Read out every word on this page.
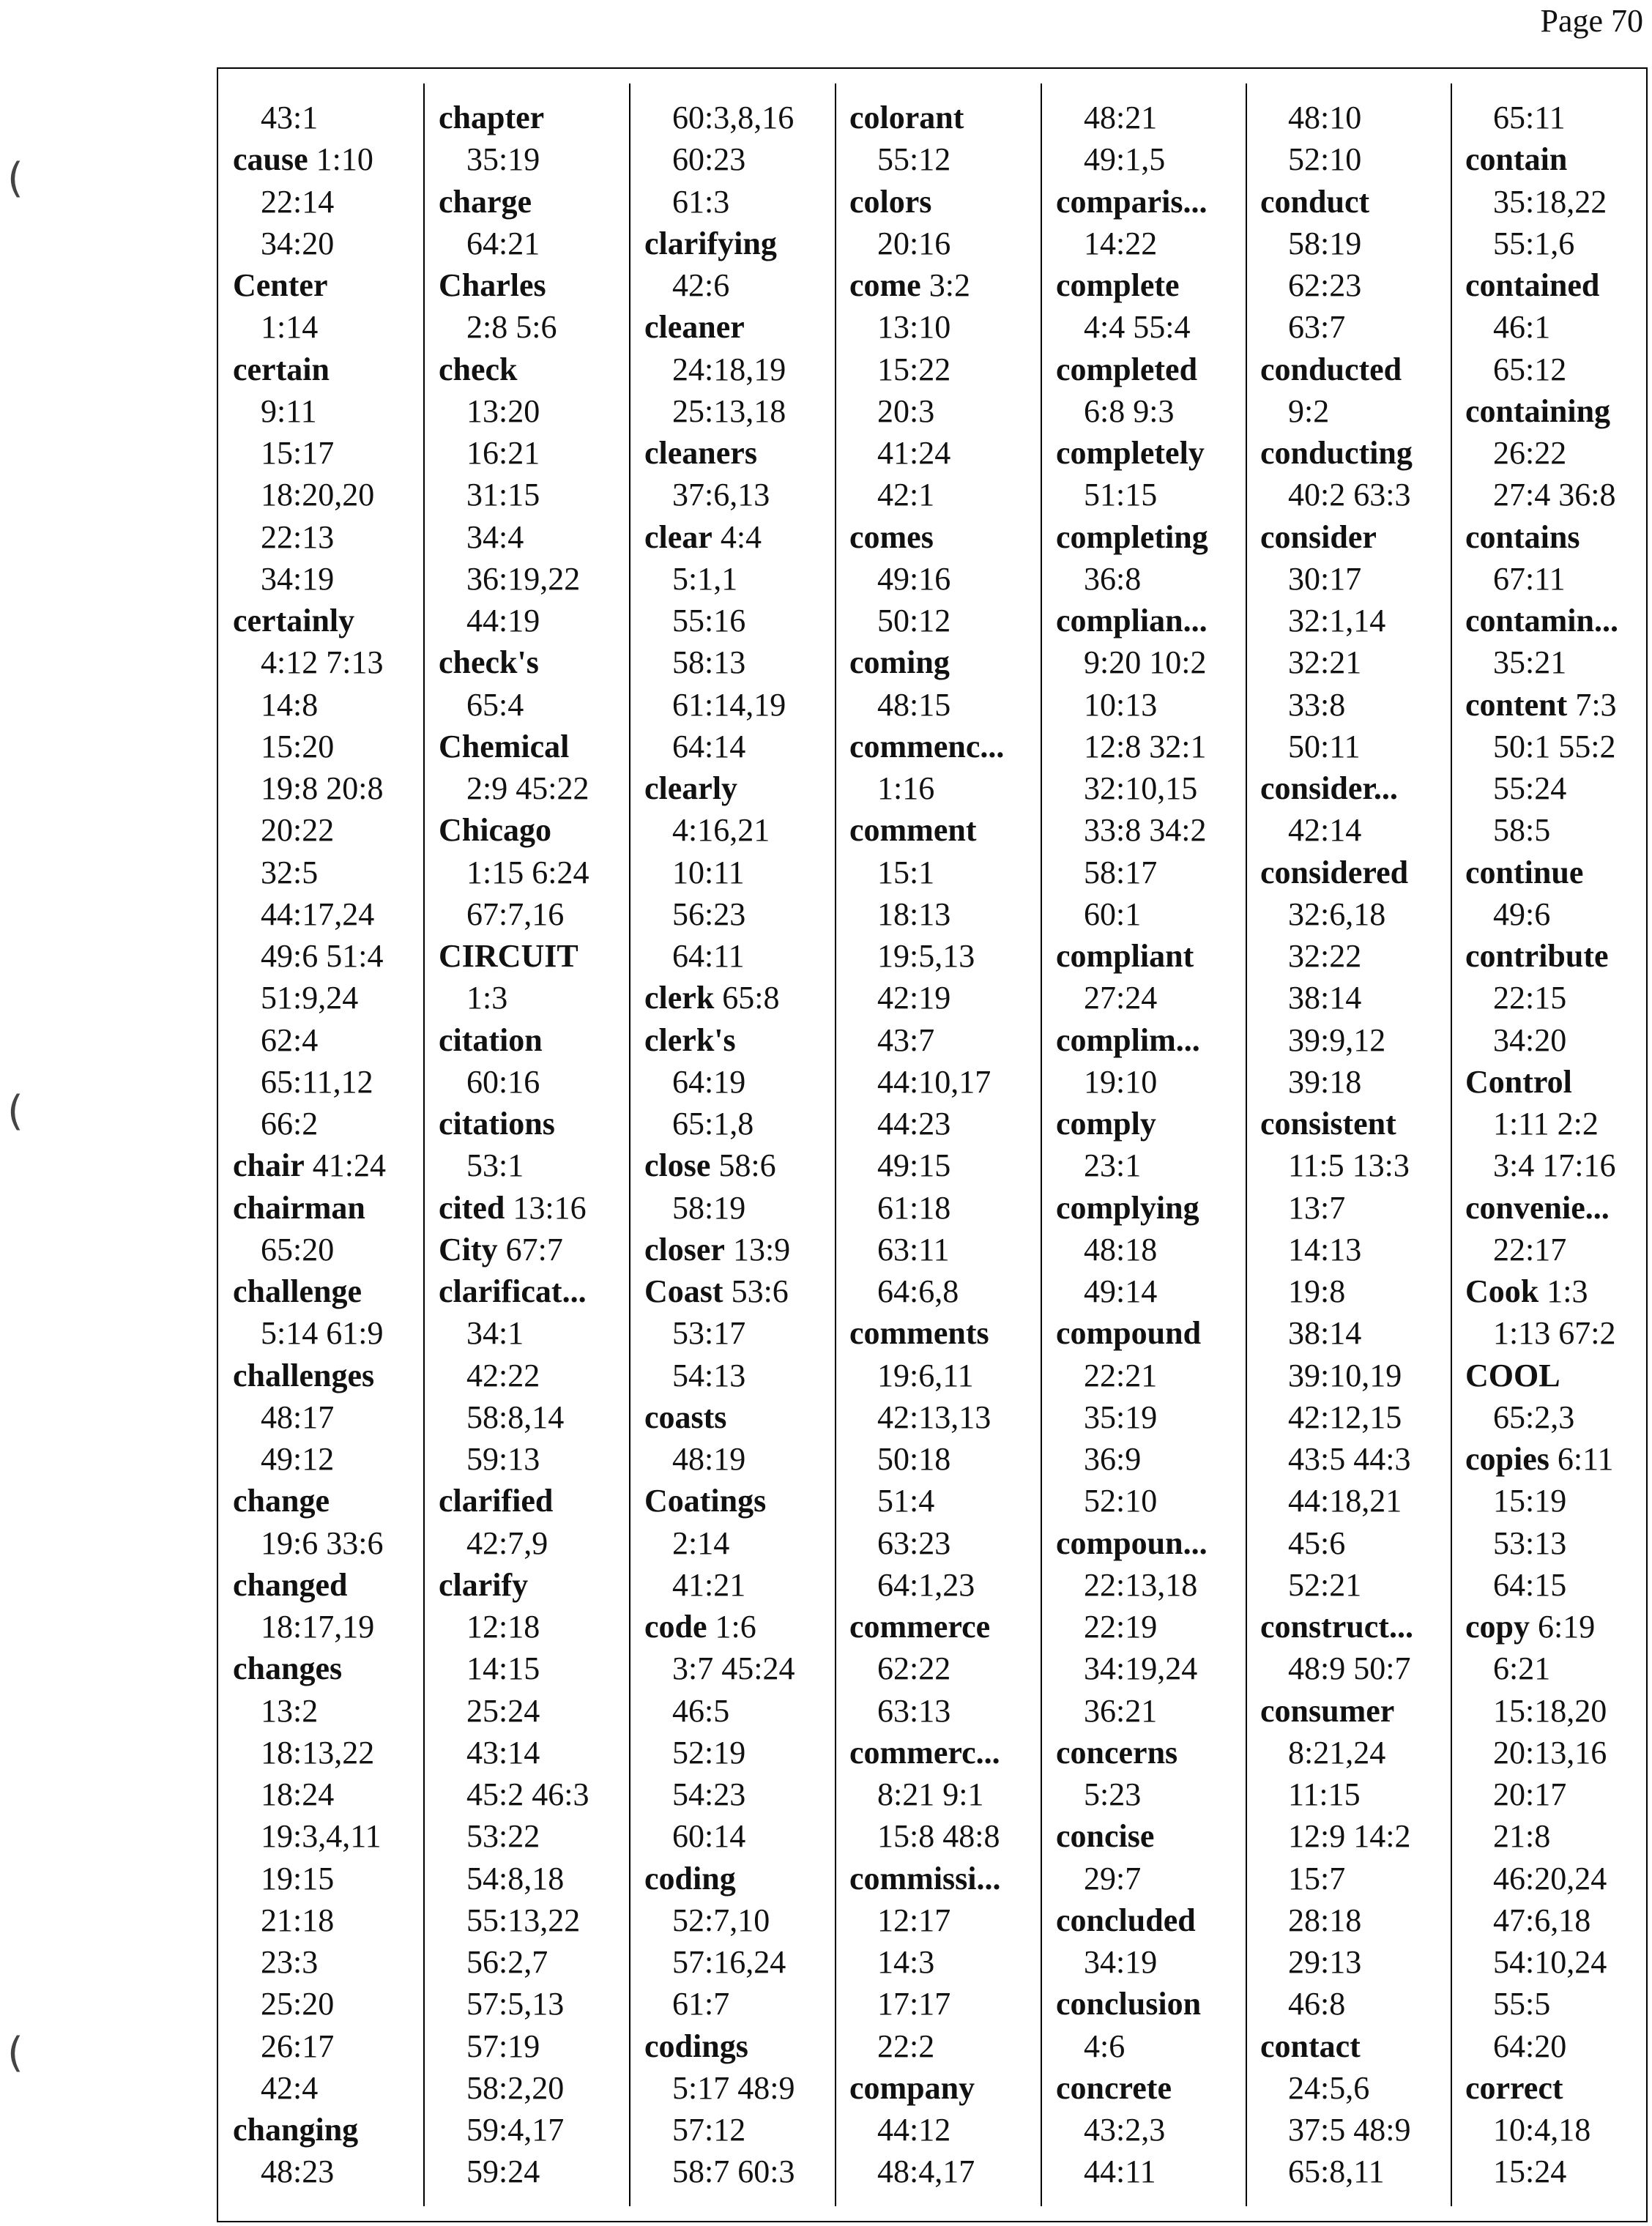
Page 70
(
(
(
43:1
cause 1:10
22:14
34:20
Center
1:14
certain
9:11
15:17
18:20,20
22:13
34:19
certainly
4:12 7:13
14:8
15:20
19:8 20:8
20:22
32:5
44:17,24
49:6 51:4
51:9,24
62:4
65:11,12
66:2
chair 41:24
chairman
65:20
challenge
5:14 61:9
challenges
48:17
49:12
change
19:6 33:6
changed
18:17,19
changes
13:2
18:13,22
18:24
19:3,4,11
19:15
21:18
23:3
25:20
26:17
42:4
changing
48:23
chapter
35:19
charge
64:21
Charles
2:8 5:6
check
13:20
16:21
31:15
34:4
36:19,22
44:19
check's
65:4
Chemical
2:9 45:22
Chicago
1:15 6:24
67:7,16
CIRCUIT
1:3
citation
60:16
citations
53:1
cited 13:16
City 67:7
clarificat...
34:1
42:22
58:8,14
59:13
clarified
42:7,9
clarify
12:18
14:15
25:24
43:14
45:2 46:3
53:22
54:8,18
55:13,22
56:2,7
57:5,13
57:19
58:2,20
59:4,17
59:24
60:3,8,16
60:23
61:3
clarifying
42:6
cleaner
24:18,19
25:13,18
cleaners
37:6,13
clear 4:4
5:1,1
55:16
58:13
61:14,19
64:14
clearly
4:16,21
10:11
56:23
64:11
clerk 65:8
clerk's
64:19
65:1,8
close 58:6
58:19
closer 13:9
Coast 53:6
53:17
54:13
coasts
48:19
Coatings
2:14
41:21
code 1:6
3:7 45:24
46:5
52:19
54:23
60:14
coding
52:7,10
57:16,24
61:7
codings
5:17 48:9
57:12
58:7 60:3
colorant
55:12
colors
20:16
come 3:2
13:10
15:22
20:3
41:24
42:1
comes
49:16
50:12
coming
48:15
commenc...
1:16
comment
15:1
18:13
19:5,13
42:19
43:7
44:10,17
44:23
49:15
61:18
63:11
64:6,8
comments
19:6,11
42:13,13
50:18
51:4
63:23
64:1,23
commerce
62:22
63:13
commerc...
8:21 9:1
15:8 48:8
commissi...
12:17
14:3
17:17
22:2
company
44:12
48:4,17
48:21
49:1,5
comparis...
14:22
complete
4:4 55:4
completed
6:8 9:3
completely
51:15
completing
36:8
complian...
9:20 10:2
10:13
12:8 32:1
32:10,15
33:8 34:2
58:17
60:1
compliant
27:24
complim...
19:10
comply
23:1
complying
48:18
49:14
compound
22:21
35:19
36:9
52:10
compoun...
22:13,18
22:19
34:19,24
36:21
concerns
5:23
concise
29:7
concluded
34:19
conclusion
4:6
concrete
43:2,3
44:11
48:10
52:10
conduct
58:19
62:23
63:7
conducted
9:2
conducting
40:2 63:3
consider
30:17
32:1,14
32:21
33:8
50:11
consider...
42:14
considered
32:6,18
32:22
38:14
39:9,12
39:18
consistent
11:5 13:3
13:7
14:13
19:8
38:14
39:10,19
42:12,15
43:5 44:3
44:18,21
45:6
52:21
construct...
48:9 50:7
consumer
8:21,24
11:15
12:9 14:2
15:7
28:18
29:13
46:8
contact
24:5,6
37:5 48:9
65:8,11
65:11
contain
35:18,22
55:1,6
contained
46:1
65:12
containing
26:22
27:4 36:8
contains
67:11
contamin...
35:21
content 7:3
50:1 55:2
55:24
58:5
continue
49:6
contribute
22:15
34:20
Control
1:11 2:2
3:4 17:16
convenie...
22:17
Cook 1:3
1:13 67:2
COOL
65:2,3
copies 6:11
15:19
53:13
64:15
copy 6:19
6:21
15:18,20
20:13,16
20:17
21:8
46:20,24
47:6,18
54:10,24
55:5
64:20
correct
10:4,18
15:24
